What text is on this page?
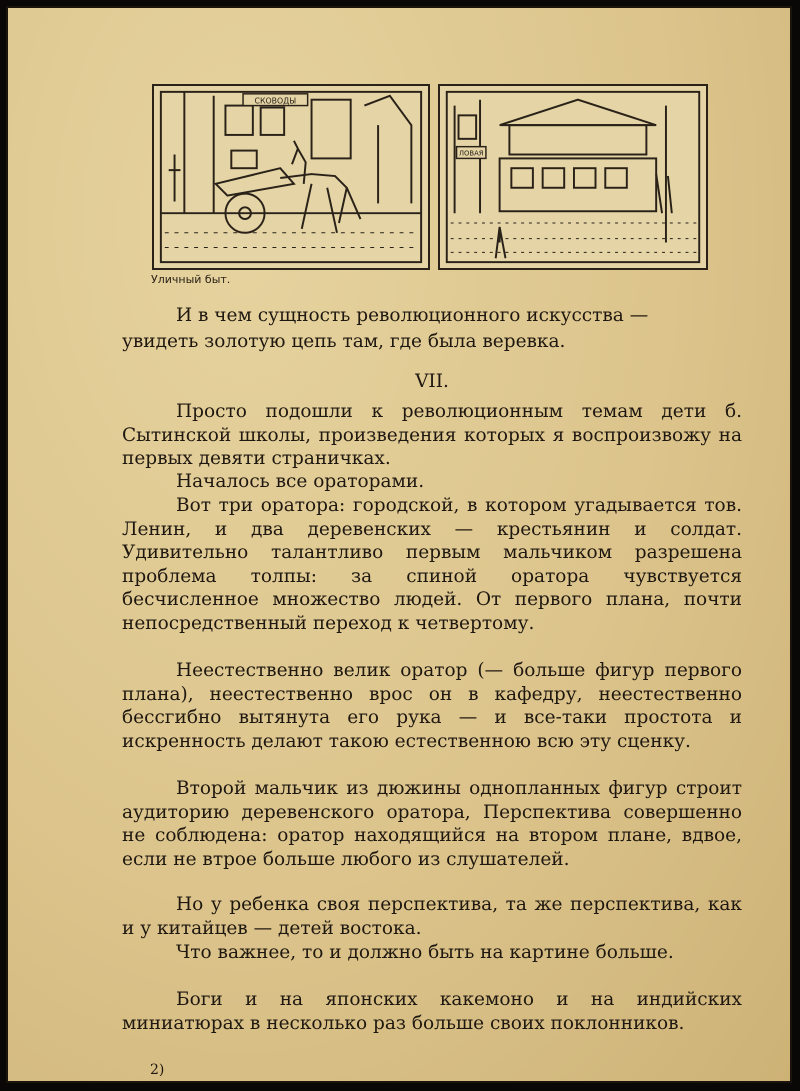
СКОВОДЫ
ЛОВАЯ

Уличный быт.

И в чем сущность революционного искусства —

увидеть золотую цепь там, где была веревка.

VII.

Просто подошли к революционным темам дети б. Сытинской школы, произведения которых я воспроизвожу на первых девяти страничках.

Началось все ораторами.

Вот три оратора: городской, в котором угадывается тов. Ленин, и два деревенских — крестьянин и солдат. Удивительно талантливо первым мальчиком разрешена проблема толпы: за спиной оратора чувствуется бесчисленное множество людей. От первого плана, почти непосредственный переход к четвертому.

Неестественно велик оратор (— больше фигур первого плана), неестественно врос он в кафедру, неестественно бессгибно вытянута его рука — и все-таки простота и искренность делают такою естественною всю эту сценку.

Второй мальчик из дюжины однопланных фигур строит аудиторию деревенского оратора, Перспектива совершенно не соблюдена: оратор находящийся на втором плане, вдвое, если не втрое больше любого из слушателей.

Но у ребенка своя перспектива, та же перспектива, как и у китайцев — детей востока.

Что важнее, то и должно быть на картине больше.

Боги и на японских какемоно и на индийских миниатюрах в несколько раз больше своих поклонников.

2)
